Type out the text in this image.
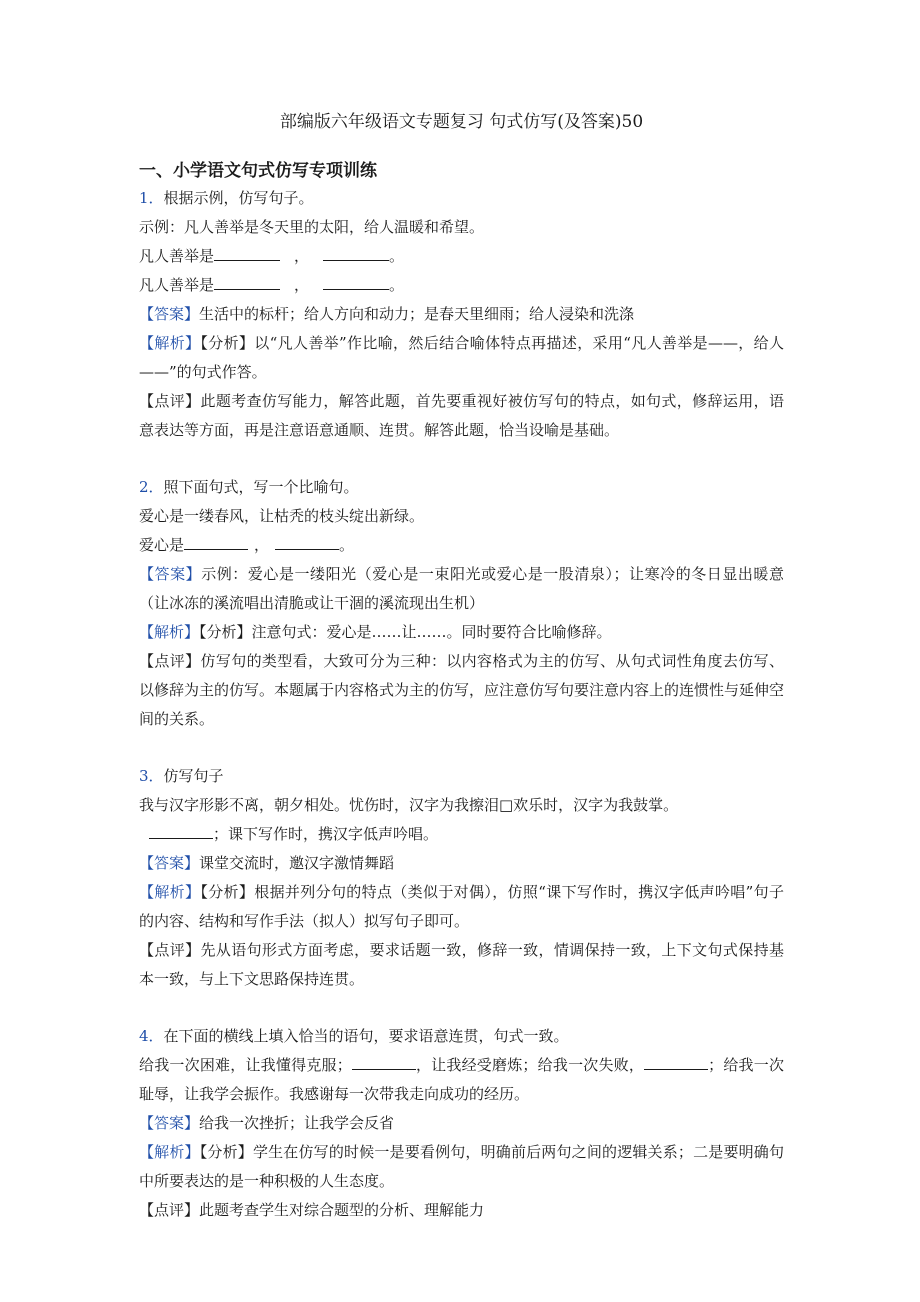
部编版六年级语文专题复习 句式仿写(及答案)50
一、小学语文句式仿写专项训练

1．根据示例，仿写句子。

示例：凡人善举是冬天里的太阳，给人温暖和希望。

凡人善举是	，	。

凡人善举是	，	。

【答案】生活中的标杆；给人方向和动力；是春天里细雨；给人浸染和洗涤

【解析】【分析】以“凡人善举”作比喻，然后结合喻体特点再描述，采用“凡人善举是——，给人——”的句式作答。

【点评】此题考查仿写能力，解答此题，首先要重视好被仿写句的特点，如句式，修辞运用，语意表达等方面，再是注意语意通顺、连贯。解答此题，恰当设喻是基础。

2．照下面句式，写一个比喻句。

爱心是一缕春风，让枯秃的枝头绽出新绿。

爱心是	，	。

【答案】示例：爱心是一缕阳光（爱心是一束阳光或爱心是一股清泉）；让寒冷的冬日显出暖意（让冰冻的溪流唱出清脆或让干涸的溪流现出生机）

【解析】【分析】注意句式：爱心是……让……。同时要符合比喻修辞。

【点评】仿写句的类型看，大致可分为三种：以内容格式为主的仿写、从句式词性角度去仿写、以修辞为主的仿写。本题属于内容格式为主的仿写，应注意仿写句要注意内容上的连惯性与延伸空间的关系。

3．仿写句子

我与汉字形影不离，朝夕相处。忧伤时，汉字为我擦泪□欢乐时，汉字为我鼓掌。

；课下写作时，携汉字低声吟唱。

【答案】课堂交流时，邀汉字激情舞蹈

【解析】【分析】根据并列分句的特点（类似于对偶），仿照“课下写作时，携汉字低声吟唱”句子的内容、结构和写作手法（拟人）拟写句子即可。

【点评】先从语句形式方面考虑，要求话题一致，修辞一致，情调保持一致，上下文句式保持基本一致，与上下文思路保持连贯。

4．在下面的横线上填入恰当的语句，要求语意连贯，句式一致。

给我一次困难，让我懂得克服；	，让我经受磨炼；给我一次失败，	；给我一次耻辱，让我学会振作。我感谢每一次带我走向成功的经历。

【答案】给我一次挫折；让我学会反省

【解析】【分析】学生在仿写的时候一是要看例句，明确前后两句之间的逻辑关系；二是要明确句中所要表达的是一种积极的人生态度。

【点评】此题考查学生对综合题型的分析、理解能力
